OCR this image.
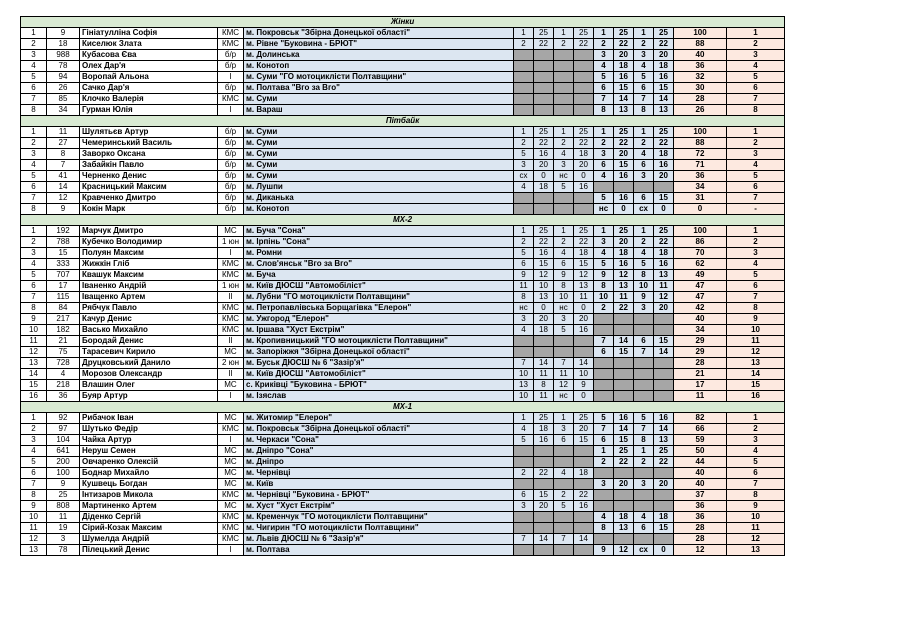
Жінки														
1	9	Гініатулліна Софія	КМС	м. Покровськ "Збірна Донецької області"	1	25	1	25	1	25	1	25	100	1
2	18	Киселюк Злата	КМС	м. Рівне "Буковина - БРЮТ"	2	22	2	22	2	22	2	22	88	2
3	988	Кубасова Єва	б/р	м. Долинська					3	20	3	20	40	3
4	78	Олех Дар'я	б/р	м. Конотоп					4	18	4	18	36	4
5	94	Воропай Альона	I	м. Суми "ГО мотоциклісти Полтавщини"					5	16	5	16	32	5
6	26	Сачко Дар'я	б/р	м. Полтава "Вго за Вго"					6	15	6	15	30	6
7	85	Клочко Валерія	КМС	м. Суми					7	14	7	14	28	7
8	34	Гурман Юлія	I	м. Вараш					8	13	8	13	26	8
Пітбайк														
1	11	Шулятьєв Артур	б/р	м. Суми	1	25	1	25	1	25	1	25	100	1
2	27	Чемеринський Василь	б/р	м. Суми	2	22	2	22	2	22	2	22	88	2
3	8	Заворко Оксана	б/р	м. Суми	5	16	4	18	3	20	4	18	72	3
4	7	Забайкін Павло	б/р	м. Суми	3	20	3	20	6	15	6	16	71	4
5	41	Черненко Денис	б/р	м. Суми	сх	0	нс	0	4	16	3	20	36	5
6	14	Красницький Максим	б/р	м. Лушпи	4	18	5	16					34	6
7	12	Кравченко Дмитро	б/р	м. Диканька					5	16	6	15	31	7
8	9	Кокін Марк	б/р	м. Конотоп					нс	0	сх	0	0	-
МХ-2														
1	192	Марчук Дмитро	МС	м. Буча "Сона"	1	25	1	25	1	25	1	25	100	1
2	788	Кубечко Володимир	1 юн	м. Ірпінь "Сона"	2	22	2	22	3	20	2	22	86	2
3	15	Полуян Максим	I	м. Ромни	5	16	4	18	4	18	4	18	70	3
4	333	Жижкін Гліб	КМС	м. Слов'янськ "Вго за Вго"	6	15	6	15	5	16	5	16	62	4
5	707	Квашук Максим	КМС	м. Буча	9	12	9	12	9	12	8	13	49	5
6	17	Іваненко Андрій	1 юн	м. Київ ДЮСШ "Автомобіліст"	11	10	8	13	8	13	10	11	47	6
7	115	Іващенко Артем	II	м. Лубни "ГО мотоциклісти Полтавщини"	8	13	10	11	10	11	9	12	47	7
8	84	Рябчук Павло	КМС	м. Петропавлівська Борщагівка "Елерон"	нс	0	нс	0	2	22	3	20	42	8
9	217	Качур Денис	КМС	м. Ужгород "Елерон"	3	20	3	20					40	9
10	182	Васько Михайло	КМС	м. Іршава "Хуст Екстрім"	4	18	5	16					34	10
11	21	Бородай Денис	II	м. Кропивницький "ГО мотоциклісти Полтавщини"					7	14	6	15	29	11
12	75	Тарасевич Кирило	МС	м. Запоріжжя "Збірна Донецької області"					6	15	7	14	29	12
13	728	Друцковський Данило	2 юн	м. Буськ ДЮСШ № 6 "Зазір'я"	7	14	7	14					28	13
14	4	Морозов Олександр	II	м. Київ ДЮСШ "Автомобіліст"	10	11	11	10					21	14
15	218	Влашин Олег	МС	с. Криківці "Буковина - БРЮТ"	13	8	12	9					17	15
16	36	Буяр Артур	I	м. Ізяслав	10	11	нс	0					11	16
МХ-1														
1	92	Рибачок Іван	МС	м. Житомир "Елерон"	1	25	1	25	5	16	5	16	82	1
2	97	Шутько Федір	КМС	м. Покровськ "Збірна Донецької області"	4	18	3	20	7	14	7	14	66	2
3	104	Чайка Артур	I	м. Черкаси "Сона"	5	16	6	15	6	15	8	13	59	3
4	641	Неруш Семен	МС	м. Дніпро "Сона"					1	25	1	25	50	4
5	200	Овчаренко Олексій	МС	м. Дніпро					2	22	2	22	44	5
6	100	Боднар Михайло	МС	м. Чернівці	2	22	4	18					40	6
7	9	Кушвець Богдан	МС	м. Київ					3	20	3	20	40	7
8	25	Інтизаров Микола	КМС	м. Чернівці "Буковина - БРЮТ"	6	15	2	22					37	8
9	808	Мартиненко Артем	МС	м. Хуст "Хуст Екстрім"	3	20	5	16					36	9
10	11	Діденко Сергій	КМС	м. Кременчук "ГО мотоциклісти Полтавщини"					4	18	4	18	36	10
11	19	Сірий-Козак Максим	КМС	м. Чигирин "ГО мотоциклісти Полтавщини"					8	13	6	15	28	11
12	3	Шумелда Андрій	КМС	м. Львів ДЮСШ № 6 "Зазір'я"	7	14	7	14					28	12
13	78	Пілецький Денис	I	м. Полтава					9	12	сх	0	12	13
